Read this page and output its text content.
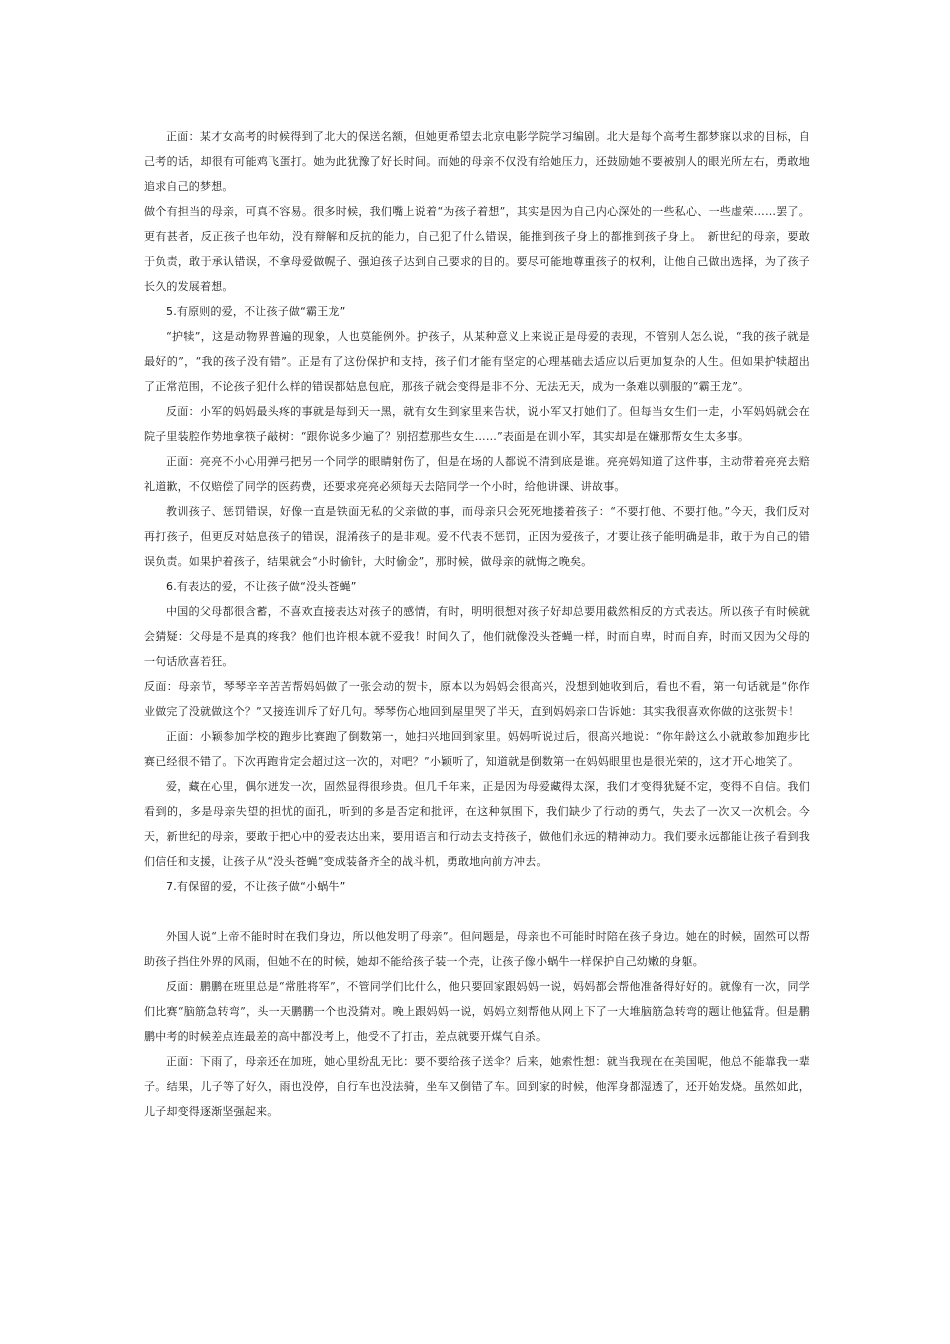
正面：某才女高考的时候得到了北大的保送名额，但她更希望去北京电影学院学习编剧。北大是每个高考生都梦寐以求的目标，自己考的话，却很有可能鸡飞蛋打。她为此犹豫了好长时间。而她的母亲不仅没有给她压力，还鼓励她不要被别人的眼光所左右，勇敢地追求自己的梦想。

做个有担当的母亲，可真不容易。很多时候，我们嘴上说着“为孩子着想”，其实是因为自己内心深处的一些私心、一些虚荣……罢了。更有甚者，反正孩子也年幼，没有辩解和反抗的能力，自己犯了什么错误，能推到孩子身上的都推到孩子身上。　新世纪的母亲，要敢于负责，敢于承认错误，不拿母爱做幌子、强迫孩子达到自己要求的目的。要尽可能地尊重孩子的权利，让他自己做出选择，为了孩子长久的发展着想。

5.有原则的爱，不让孩子做“霸王龙”

“护犊”，这是动物界普遍的现象，人也莫能例外。护孩子，从某种意义上来说正是母爱的表现，不管别人怎么说，“我的孩子就是最好的”，“我的孩子没有错”。正是有了这份保护和支持，孩子们才能有坚定的心理基础去适应以后更加复杂的人生。但如果护犊超出了正常范围，不论孩子犯什么样的错误都姑息包庇，那孩子就会变得是非不分、无法无天，成为一条难以驯服的“霸王龙”。

反面：小军的妈妈最头疼的事就是每到天一黑，就有女生到家里来告状，说小军又打她们了。但每当女生们一走，小军妈妈就会在院子里装腔作势地拿筷子敲树：“跟你说多少遍了？别招惹那些女生……”表面是在训小军，其实却是在嫌那帮女生太多事。

正面：亮亮不小心用弹弓把另一个同学的眼睛射伤了，但是在场的人都说不清到底是谁。亮亮妈知道了这件事，主动带着亮亮去赔礼道歉，不仅赔偿了同学的医药费，还要求亮亮必须每天去陪同学一个小时，给他讲课、讲故事。

教训孩子、惩罚错误，好像一直是铁面无私的父亲做的事，而母亲只会死死地搂着孩子：“不要打他、不要打他。”今天，我们反对再打孩子，但更反对姑息孩子的错误，混淆孩子的是非观。爱不代表不惩罚，正因为爱孩子，才要让孩子能明确是非，敢于为自己的错误负责。如果护着孩子，结果就会“小时偷针，大时偷金”，那时候，做母亲的就悔之晚矣。

6.有表达的爱，不让孩子做“没头苍蝇”

中国的父母都很含蓄，不喜欢直接表达对孩子的感情，有时，明明很想对孩子好却总要用截然相反的方式表达。所以孩子有时候就会猜疑：父母是不是真的疼我？他们也许根本就不爱我！时间久了，他们就像没头苍蝇一样，时而自卑，时而自弃，时而又因为父母的一句话欣喜若狂。

反面：母亲节，琴琴辛辛苦苦帮妈妈做了一张会动的贺卡，原本以为妈妈会很高兴，没想到她收到后，看也不看，第一句话就是“你作业做完了没就做这个？”又接连训斥了好几句。琴琴伤心地回到屋里哭了半天，直到妈妈亲口告诉她：其实我很喜欢你做的这张贺卡！

正面：小颖参加学校的跑步比赛跑了倒数第一，她扫兴地回到家里。妈妈听说过后，很高兴地说：“你年龄这么小就敢参加跑步比赛已经很不错了。下次再跑肯定会超过这一次的，对吧？”小颖听了，知道就是倒数第一在妈妈眼里也是很光荣的，这才开心地笑了。

爱，藏在心里，偶尔迸发一次，固然显得很珍贵。但几千年来，正是因为母爱藏得太深，我们才变得犹疑不定，变得不自信。我们看到的，多是母亲失望的担忧的面孔，听到的多是否定和批评，在这种氛围下，我们缺少了行动的勇气，失去了一次又一次机会。今天，新世纪的母亲，要敢于把心中的爱表达出来，要用语言和行动去支持孩子，做他们永远的精神动力。我们要永远都能让孩子看到我们信任和支援，让孩子从“没头苍蝇”变成装备齐全的战斗机，勇敢地向前方冲去。

7.有保留的爱，不让孩子做“小蜗牛”

外国人说“上帝不能时时在我们身边，所以他发明了母亲”。但问题是，母亲也不可能时时陪在孩子身边。她在的时候，固然可以帮助孩子挡住外界的风雨，但她不在的时候，她却不能给孩子装一个壳，让孩子像小蜗牛一样保护自己幼嫩的身躯。

反面：鹏鹏在班里总是“常胜将军”，不管同学们比什么，他只要回家跟妈妈一说，妈妈都会帮他准备得好好的。就像有一次，同学们比赛“脑筋急转弯”，头一天鹏鹏一个也没猜对。晚上跟妈妈一说，妈妈立刻帮他从网上下了一大堆脑筋急转弯的题让他猛背。但是鹏鹏中考的时候差点连最差的高中都没考上，他受不了打击，差点就要开煤气自杀。

正面：下雨了，母亲还在加班，她心里纷乱无比：要不要给孩子送伞？后来，她索性想：就当我现在在美国呢，他总不能靠我一辈子。结果，儿子等了好久，雨也没停，自行车也没法骑，坐车又倒错了车。回到家的时候，他浑身都湿透了，还开始发烧。虽然如此，儿子却变得逐渐坚强起来。
